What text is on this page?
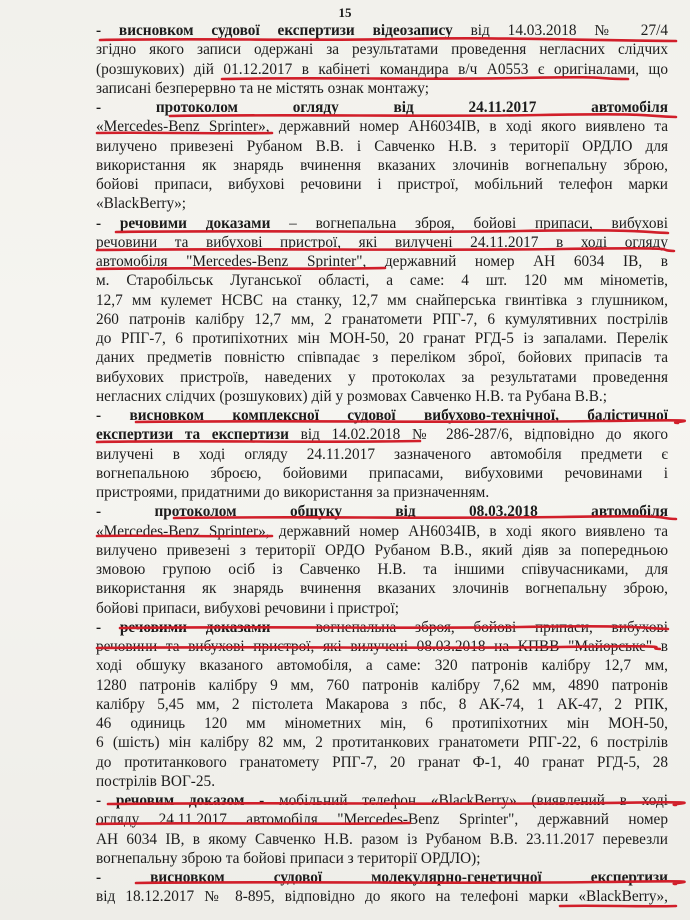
15
- висновком судової експертизи відеозапису від 14.03.2018 № 27/4
згідно якого записи одержані за результатами проведення негласних слідчих
(розшукових) дій 01.12.2017 в кабінеті командира в/ч А0553 є оригіналами, що
записані безперервно та не містять ознак монтажу;
- протоколом огляду від 24.11.2017 автомобіля
«Mercedes-Benz Sprinter», державний номер АН6034ІВ, в ході якого виявлено та
вилучено привезені Рубаном В.В. і Савченко Н.В. з території ОРДЛО для
використання як знарядь вчинення вказаних злочинів вогнепальну зброю,
бойові припаси, вибухові речовини і пристрої, мобільний телефон марки
«BlackBerry»;
- речовими доказами – вогнепальна зброя, бойові припаси, вибухові
речовини та вибухові пристрої, які вилучені 24.11.2017 в ході огляду
автомобіля "Mercedes-Benz Sprinter", державний номер АН 6034 ІВ, в
м. Старобільськ Луганської області, а саме: 4 шт. 120 мм мінометів,
12,7 мм кулемет НСВС на станку, 12,7 мм снайперська гвинтівка з глушником,
260 патронів калібру 12,7 мм, 2 гранатомети РПГ-7, 6 кумулятивних пострілів
до РПГ-7, 6 протипіхотних мін МОН-50, 20 гранат РГД-5 із запалами. Перелік
даних предметів повністю співпадає з переліком зброї, бойових припасів та
вибухових пристроїв, наведених у протоколах за результатами проведення
негласних слідчих (розшукових) дій у розмовах Савченко Н.В. та Рубана В.В.;
- висновком комплексної судової вибухово-технічної, балістичної
експертизи та експертизи від 14.02.2018 № 286-287/6, відповідно до якого
вилучені в ході огляду 24.11.2017 зазначеного автомобіля предмети є
вогнепальною зброєю, бойовими припасами, вибуховими речовинами і
пристроями, придатними до використання за призначенням.
- протоколом обшуку від 08.03.2018 автомобіля
«Mercedes-Benz Sprinter», державний номер АН6034ІВ, в ході якого виявлено та
вилучено привезені з території ОРДО Рубаном В.В., який діяв за попередньою
змовою групою осіб із Савченко Н.В. та іншими співучасниками, для
використання як знарядь вчинення вказаних злочинів вогнепальну зброю,
бойові припаси, вибухові речовини і пристрої;
- речовими доказами – вогнепальна зброя, бойові припаси, вибухові
речовини та вибухові пристрої, які вилучені 08.03.2018 на КПВВ "Майорське" в
ході обшуку вказаного автомобіля, а саме: 320 патронів калібру 12,7 мм,
1280 патронів калібру 9 мм, 760 патронів калібру 7,62 мм, 4890 патронів
калібру 5,45 мм, 2 пістолета Макарова з пбс, 8 АК-74, 1 АК-47, 2 РПК,
46 одиниць 120 мм мінометних мін, 6 протипіхотних мін МОН-50,
6 (шість) мін калібру 82 мм, 2 протитанкових гранатомети РПГ-22, 6 пострілів
до протитанкового гранатомету РПГ-7, 20 гранат Ф-1, 40 гранат РГД-5, 28
пострілів ВОГ-25.
- речовим доказом - мобільний телефон «BlackBerry» (виявлений в ході
огляду 24.11.2017 автомобіля "Mercedes-Benz Sprinter", державний номер
АН 6034 ІВ, в якому Савченко Н.В. разом із Рубаном В.В. 23.11.2017 перевезли
вогнепальну зброю та бойові припаси з території ОРДЛО);
- висновком судової молекулярно-генетичної експертизи
від 18.12.2017 № 8-895, відповідно до якого на телефоні марки «BlackBerry»,
